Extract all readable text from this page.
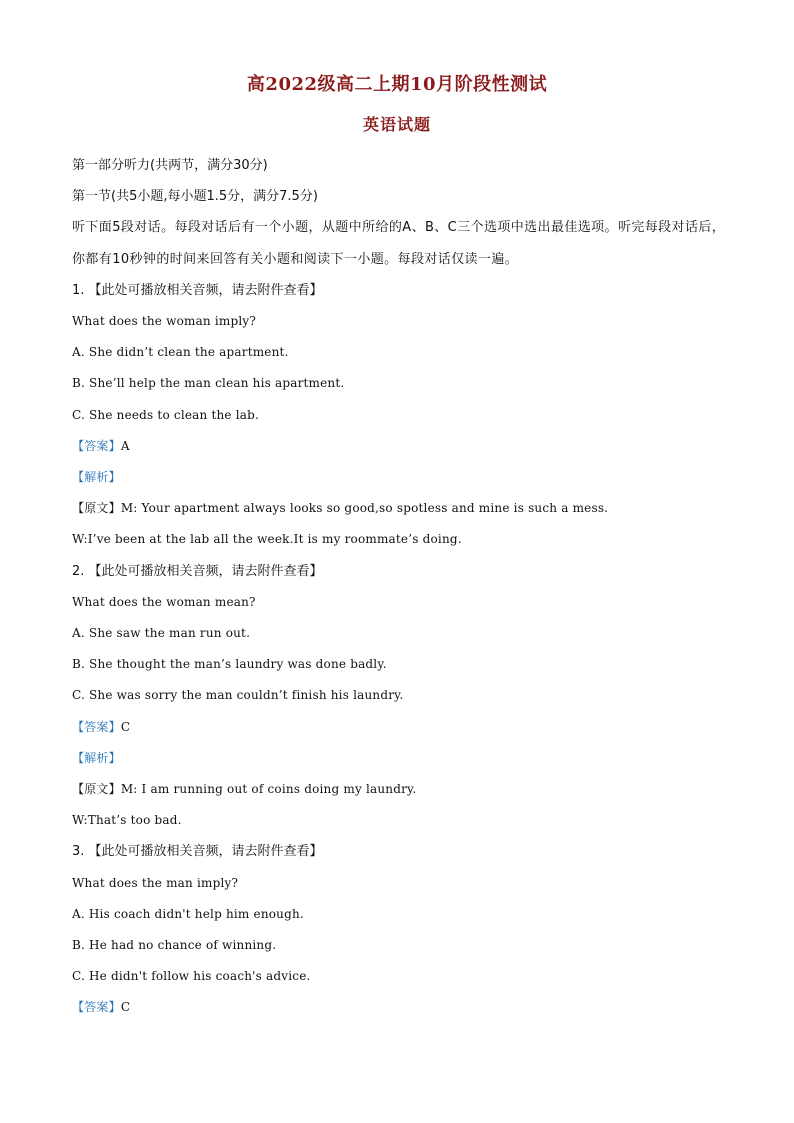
高2022级高二上期10月阶段性测试
英语试题
第一部分听力(共两节，满分30分)
第一节(共5小题,每小题1.5分，满分7.5分)
听下面5段对话。每段对话后有一个小题，从题中所给的A、B、C三个选项中选出最佳选项。听完每段对话后，你都有10秒钟的时间来回答有关小题和阅读下一小题。每段对话仅读一遍。
1. 【此处可播放相关音频，请去附件查看】
What does the woman imply?
A. She didn’t clean the apartment.
B. She’ll help the man clean his apartment.
C. She needs to clean the lab.
【答案】A
【解析】
【原文】M: Your apartment always looks so good,so spotless and mine is such a mess.
W:I’ve been at the lab all the week.It is my roommate’s doing.
2. 【此处可播放相关音频，请去附件查看】
What does the woman mean?
A. She saw the man run out.
B. She thought the man’s laundry was done badly.
C. She was sorry the man couldn’t finish his laundry.
【答案】C
【解析】
【原文】M: I am running out of coins doing my laundry.
W:That’s too bad.
3. 【此处可播放相关音频，请去附件查看】
What does the man imply?
A. His coach didn't help him enough.
B. He had no chance of winning.
C. He didn't follow his coach's advice.
【答案】C
